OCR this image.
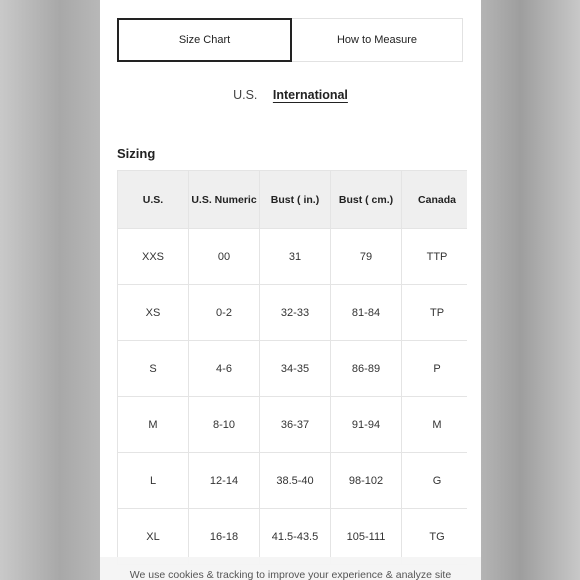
Size Chart	How to Measure
U.S. International
Sizing
U.S.	U.S. Numeric	Bust ( in.)	Bust ( cm.)	Canada
XXS	00	31	79	TTP
XS	0-2	32-33	81-84	TP
S	4-6	34-35	86-89	P
M	8-10	36-37	91-94	M
L	12-14	38.5-40	98-102	G
XL	16-18	41.5-43.5	105-111	TG
We use cookies & tracking to improve your experience & analyze site
